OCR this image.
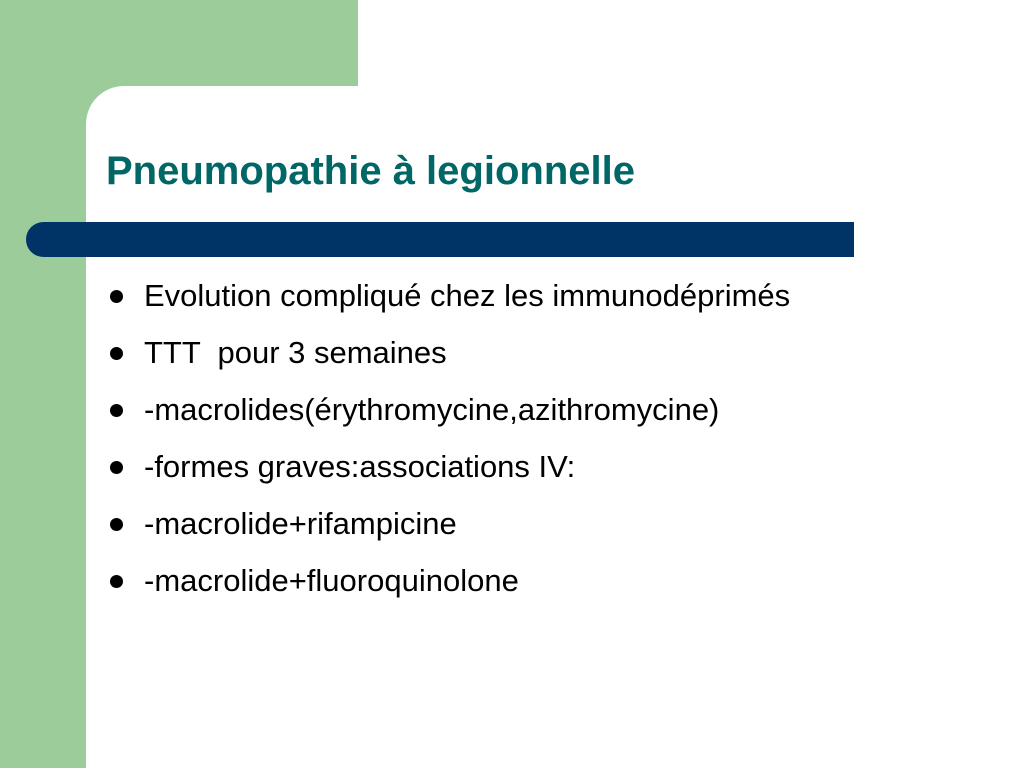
Pneumopathie à legionnelle
Evolution compliqué chez les immunodéprimés
TTT  pour 3 semaines
-macrolides(érythromycine,azithromycine)
-formes graves:associations IV:
-macrolide+rifampicine
-macrolide+fluoroquinolone
